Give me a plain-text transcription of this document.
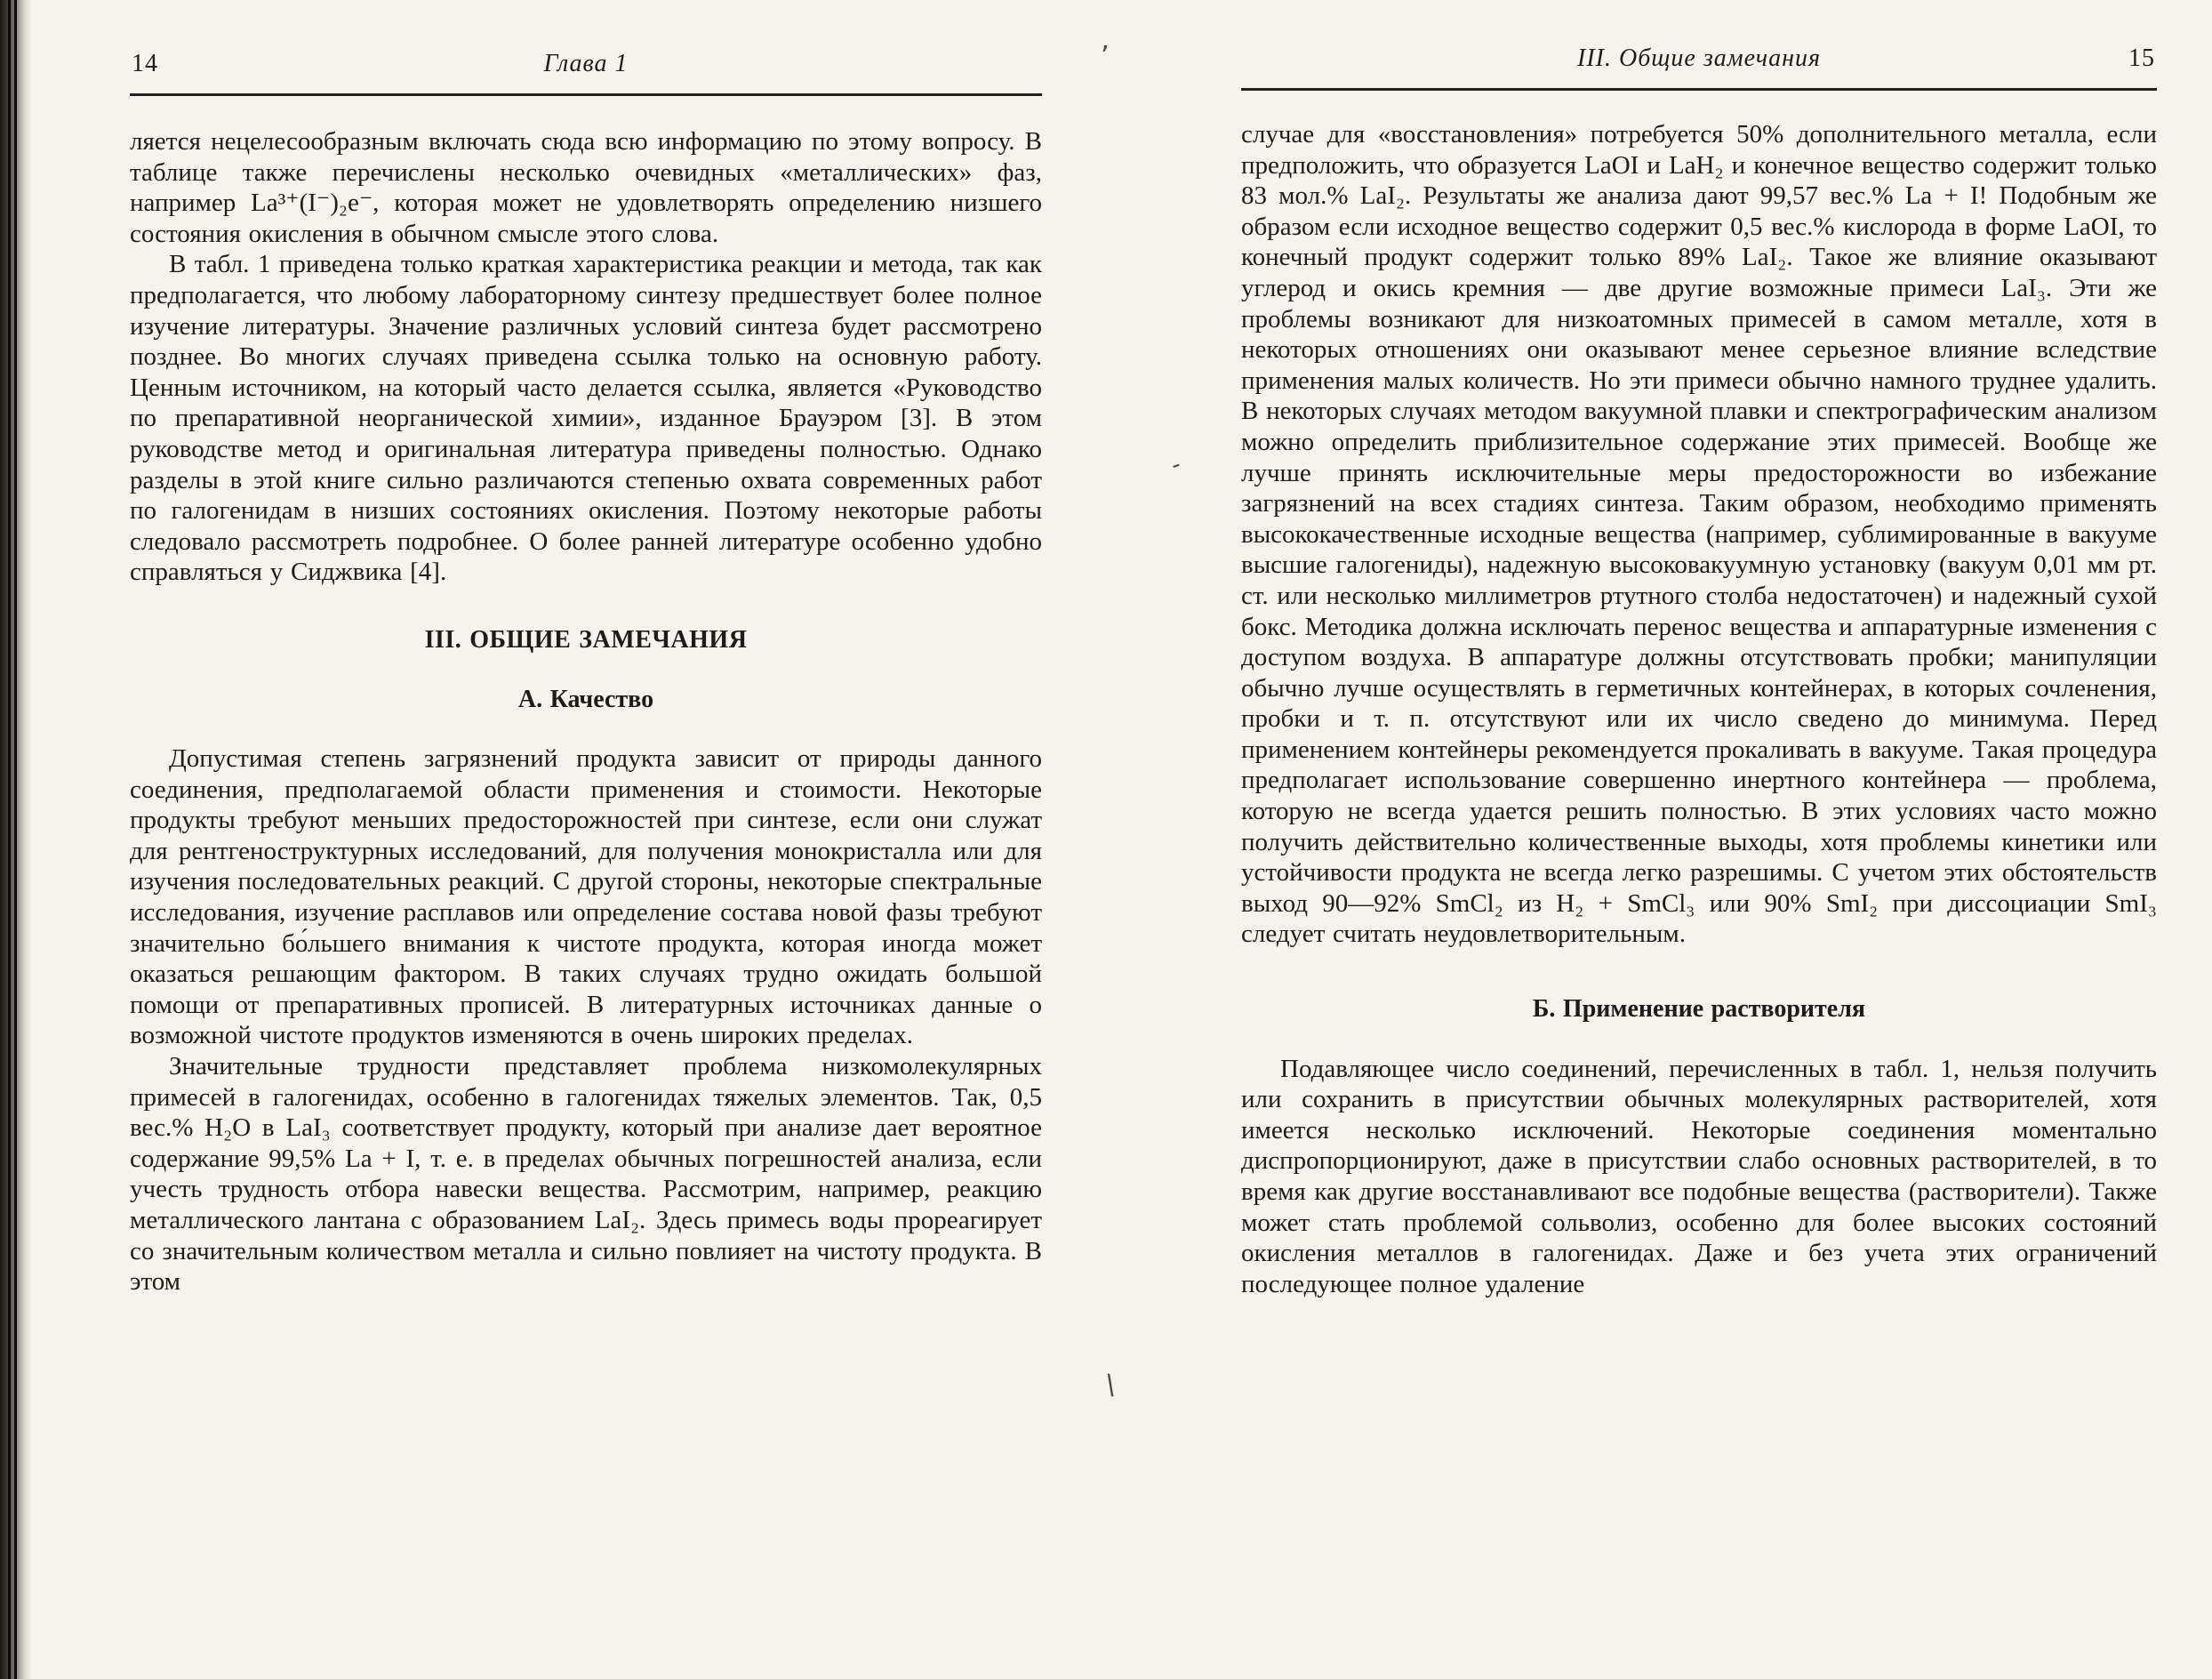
14	Глава 1	III. Общие замечания	15

ляется нецелесообразным включать сюда всю информацию по этому вопросу. В таблице также перечислены несколько очевидных «металлических» фаз, например La³⁺(I⁻)₂e⁻, которая может не удовлетворять определению низшего состояния окисления в обычном смысле этого слова.

В табл. 1 приведена только краткая характеристика реакции и метода, так как предполагается, что любому лабораторному синтезу предшествует более полное изучение литературы. Значение различных условий синтеза будет рассмотрено позднее. Во многих случаях приведена ссылка только на основную работу. Ценным источником, на который часто делается ссылка, является «Руководство по препаративной неорганической химии», изданное Брауэром [3]. В этом руководстве метод и оригинальная литература приведены полностью. Однако разделы в этой книге сильно различаются степенью охвата современных работ по галогенидам в низших состояниях окисления. Поэтому некоторые работы следовало рассмотреть подробнее. О более ранней литературе особенно удобно справляться у Сиджвика [4].

III. ОБЩИЕ ЗАМЕЧАНИЯ

А. Качество

Допустимая степень загрязнений продукта зависит от природы данного соединения, предполагаемой области применения и стоимости. Некоторые продукты требуют меньших предосторожностей при синтезе, если они служат для рентгеноструктурных исследований, для получения монокристалла или для изучения последовательных реакций. С другой стороны, некоторые спектральные исследования, изучение расплавов или определение состава новой фазы требуют значительно бо́льшего внимания к чистоте продукта, которая иногда может оказаться решающим фактором. В таких случаях трудно ожидать большой помощи от препаративных прописей. В литературных источниках данные о возможной чистоте продуктов изменяются в очень широких пределах.

Значительные трудности представляет проблема низкомолекулярных примесей в галогенидах, особенно в галогенидах тяжелых элементов. Так, 0,5 вес.% H₂O в LaI₃ соответствует продукту, который при анализе дает вероятное содержание 99,5% La + I, т. е. в пределах обычных погрешностей анализа, если учесть трудность отбора навески вещества. Рассмотрим, например, реакцию металлического лантана с образованием LaI₂. Здесь примесь воды прореагирует со значительным количеством металла и сильно повлияет на чистоту продукта. В этом

случае для «восстановления» потребуется 50% дополнительного металла, если предположить, что образуется LaOI и LaH₂ и конечное вещество содержит только 83 мол.% LaI₂. Результаты же анализа дают 99,57 вес.% La + I! Подобным же образом если исходное вещество содержит 0,5 вес.% кислорода в форме LaOI, то конечный продукт содержит только 89% LaI₂. Такое же влияние оказывают углерод и окись кремния — две другие возможные примеси LaI₃. Эти же проблемы возникают для низкоатомных примесей в самом металле, хотя в некоторых отношениях они оказывают менее серьезное влияние вследствие применения малых количеств. Но эти примеси обычно намного труднее удалить. В некоторых случаях методом вакуумной плавки и спектрографическим анализом можно определить приблизительное содержание этих примесей. Вообще же лучше принять исключительные меры предосторожности во избежание загрязнений на всех стадиях синтеза. Таким образом, необходимо применять высококачественные исходные вещества (например, сублимированные в вакууме высшие галогениды), надежную высоковакуумную установку (вакуум 0,01 мм рт. ст. или несколько миллиметров ртутного столба недостаточен) и надежный сухой бокс. Методика должна исключать перенос вещества и аппаратурные изменения с доступом воздуха. В аппаратуре должны отсутствовать пробки; манипуляции обычно лучше осуществлять в герметичных контейнерах, в которых сочленения, пробки и т. п. отсутствуют или их число сведено до минимума. Перед применением контейнеры рекомендуется прокаливать в вакууме. Такая процедура предполагает использование совершенно инертного контейнера — проблема, которую не всегда удается решить полностью. В этих условиях часто можно получить действительно количественные выходы, хотя проблемы кинетики или устойчивости продукта не всегда легко разрешимы. С учетом этих обстоятельств выход 90—92% SmCl₂ из H₂ + SmCl₃ или 90% SmI₂ при диссоциации SmI₃ следует считать неудовлетворительным.

Б. Применение растворителя

Подавляющее число соединений, перечисленных в табл. 1, нельзя получить или сохранить в присутствии обычных молекулярных растворителей, хотя имеется несколько исключений. Некоторые соединения моментально диспропорционируют, даже в присутствии слабо основных растворителей, в то время как другие восстанавливают все подобные вещества (растворители). Также может стать проблемой сольволиз, особенно для более высоких состояний окисления металлов в галогенидах. Даже и без учета этих ограничений последующее полное удаление

’
\
-
